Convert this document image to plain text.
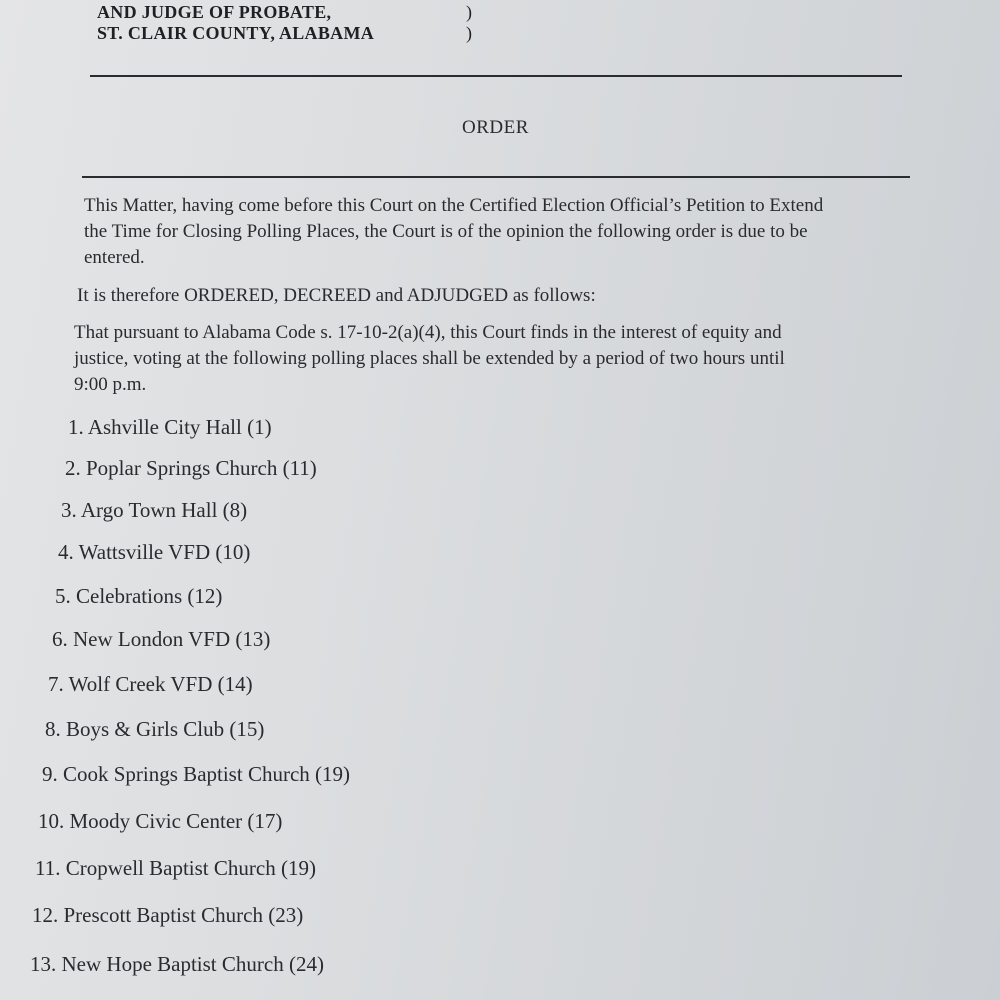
AND JUDGE OF PROBATE,
ST. CLAIR COUNTY, ALABAMA
)
)
ORDER
This Matter, having come before this Court on the Certified Election Official’s Petition to Extend
the Time for Closing Polling Places, the Court is of the opinion the following order is due to be
entered.
It is therefore ORDERED, DECREED and ADJUDGED as follows:
That pursuant to Alabama Code s. 17-10-2(a)(4), this Court finds in the interest of equity and
justice, voting at the following polling places shall be extended by a period of two hours until
9:00 p.m.
1. Ashville City Hall (1)
2. Poplar Springs Church (11)
3. Argo Town Hall (8)
4. Wattsville VFD (10)
5. Celebrations (12)
6. New London VFD (13)
7. Wolf Creek VFD (14)
8. Boys & Girls Club (15)
9. Cook Springs Baptist Church (19)
10. Moody Civic Center (17)
11. Cropwell Baptist Church (19)
12. Prescott Baptist Church (23)
13. New Hope Baptist Church (24)
